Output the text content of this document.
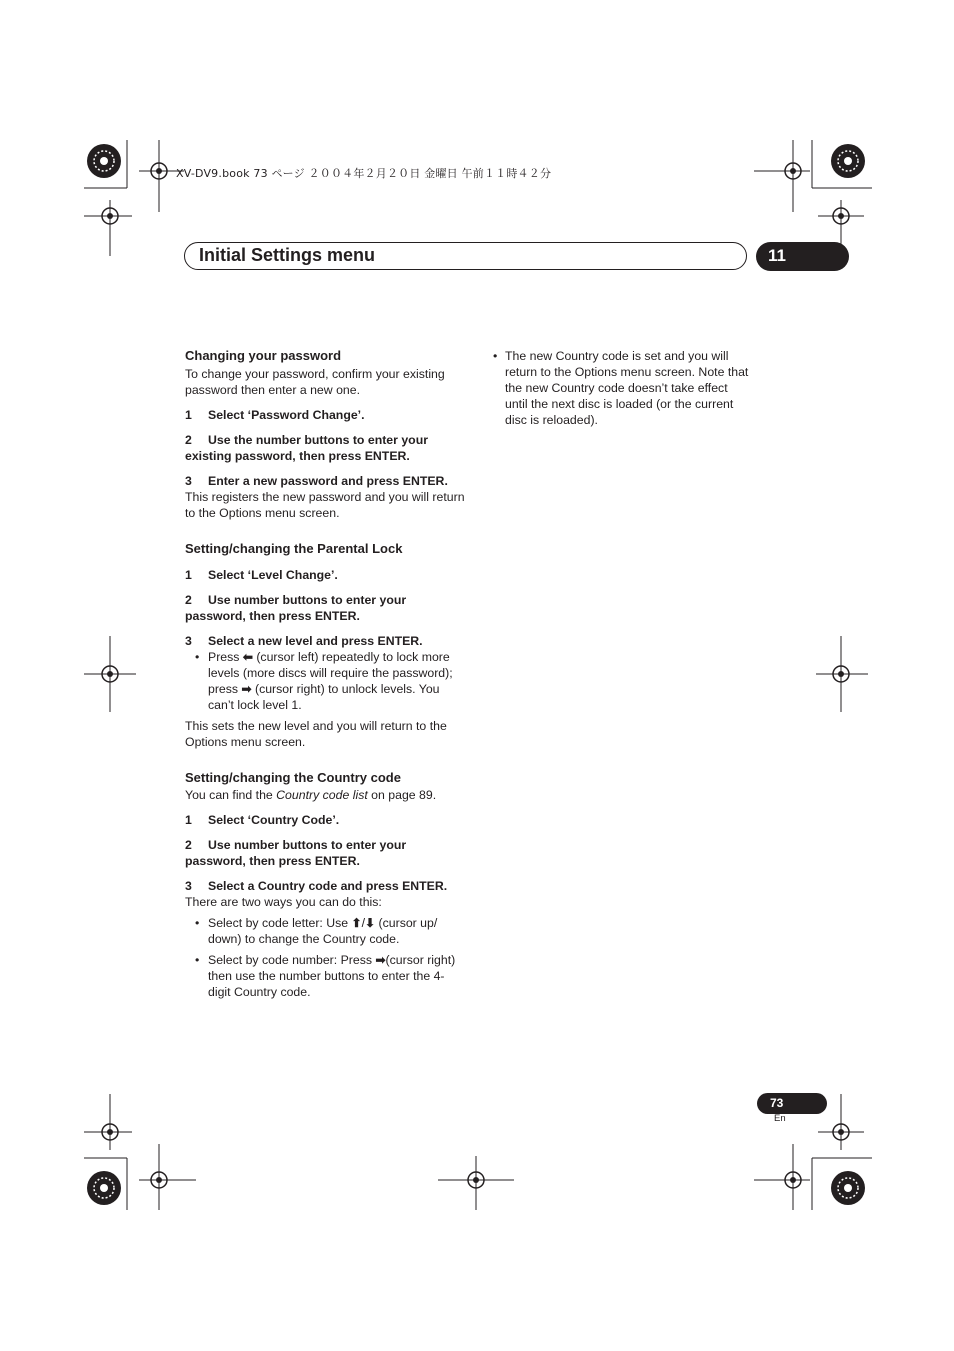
XV-DV9.book 73 ページ ２００４年２月２０日 金曜日 午前１１時４２分
Initial Settings menu	11

Changing your password

To change your password, confirm your existing password then enter a new one.

1 Select ‘Password Change’.

2 Use the number buttons to enter your existing password, then press ENTER.

3 Enter a new password and press ENTER.

This registers the new password and you will return to the Options menu screen.

Setting/changing the Parental Lock

1 Select ‘Level Change’.

2 Use number buttons to enter your password, then press ENTER.

3 Select a new level and press ENTER.

• Press ⬅ (cursor left) repeatedly to lock more levels (more discs will require the password); press ➡ (cursor right) to unlock levels. You can’t lock level 1.

This sets the new level and you will return to the Options menu screen.

Setting/changing the Country code

You can find the Country code list on page 89.

1 Select ‘Country Code’.

2 Use number buttons to enter your password, then press ENTER.

3 Select a Country code and press ENTER.

There are two ways you can do this:

• Select by code letter: Use ⬆/⬇ (cursor up/ down) to change the Country code.

• Select by code number: Press ➡(cursor right) then use the number buttons to enter the 4-digit Country code.

• The new Country code is set and you will return to the Options menu screen. Note that the new Country code doesn’t take effect until the next disc is loaded (or the current disc is reloaded).

73
En
